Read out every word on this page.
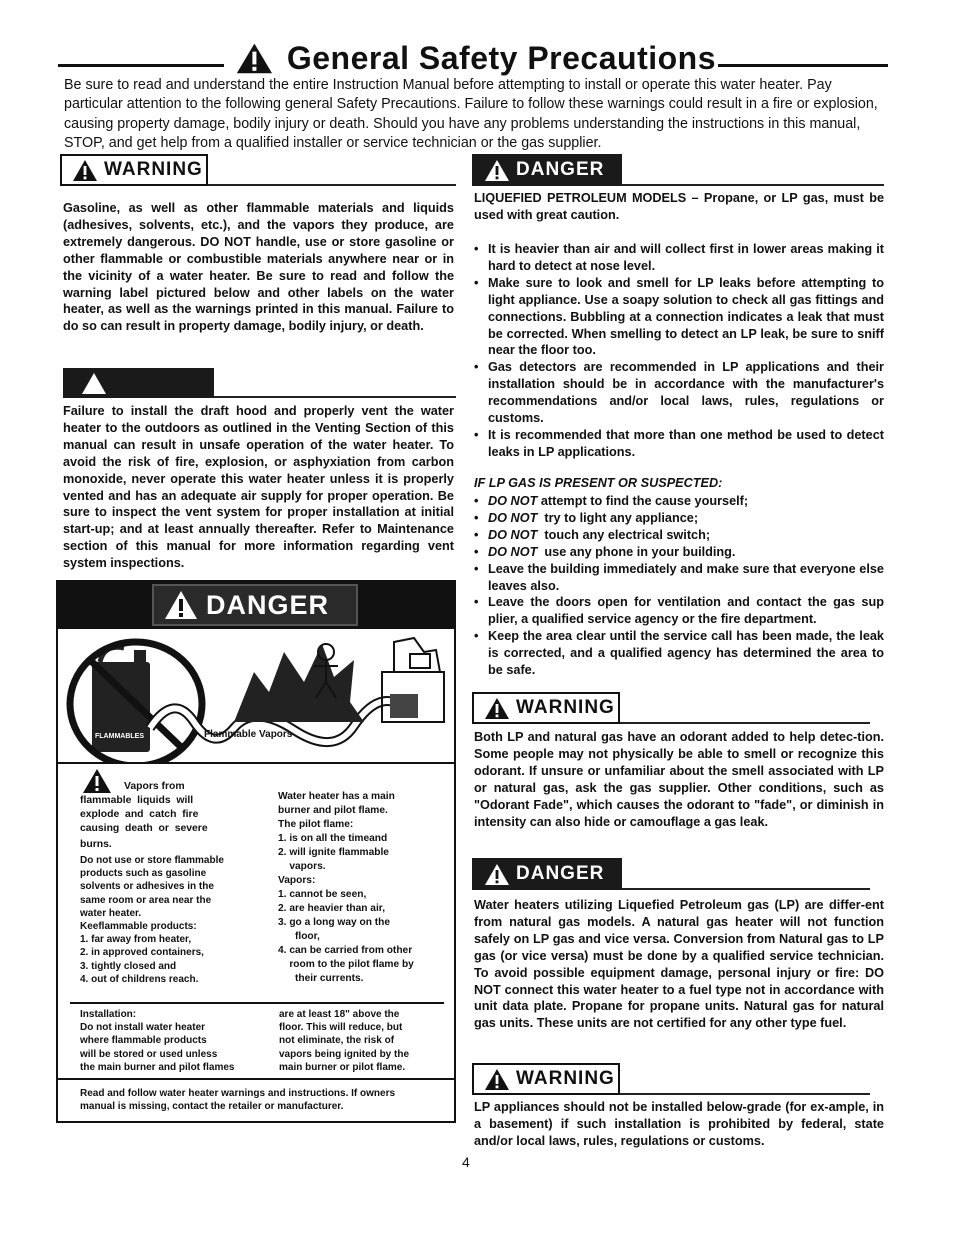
General Safety Precautions

Be sure to read and understand the entire Instruction Manual before attempting to install or operate this water heater. Pay particular attention to the following general Safety Precautions. Failure to follow these warnings could result in a fire or explosion, causing property damage, bodily injury or death. Should you have any problems understanding the instructions in this manual, STOP, and get help from a qualified installer or service technician or the gas supplier.

WARNING

Gasoline, as well as other flammable materials and liquids (adhesives, solvents, etc.), and the vapors they produce, are extremely dangerous. DO NOT handle, use or store gasoline or other flammable or combustible materials anywhere near or in the vicinity of a water heater. Be sure to read and follow the warning label pictured below and other labels on the water heater, as well as the warnings printed in this manual. Failure to do so can result in property damage, bodily injury, or death.

Failure to install the draft hood and properly vent the water heater to the outdoors as outlined in the Venting Section of this manual can result in unsafe operation of the water heater. To avoid the risk of fire, explosion, or asphyxiation from carbon monoxide, never operate this water heater unless it is properly vented and has an adequate air supply for proper operation. Be sure to inspect the vent system for proper installation at initial start-up; and at least annually thereafter. Refer to Maintenance section of this manual for more information regarding vent system inspections.

DANGER
FLAMMABLES	Flammable Vapors
Vapors from
flammable  liquids  will
explode  and  catch  fire
causing  death  or  severe
burns.
Do not use or store flammable
products such as gasoline
solvents or adhesives in the
same room or area near the
water heater.
Keeflammable products:
1. far away from heater,
2. in approved containers,
3. tightly closed and
4. out of childrens reach.
Water heater has a main
burner and pilot flame.
The pilot flame:
1. is on all the timeand
2. will ignite flammable
vapors.
Vapors:
1. cannot be seen,
2. are heavier than air,
3. go a long way on the
floor,
4. can be carried from other
room to the pilot flame by
their currents.
Installation:
Do not install water heater
where flammable products
will be stored or used unless
the main burner and pilot flames
are at least 18" above the
floor. This will reduce, but
not eliminate, the risk of
vapors being ignited by the
main burner or pilot flame.
Read and follow water heater warnings and instructions. If owners
manual is missing, contact the retailer or manufacturer.
DANGER

LIQUEFIED PETROLEUM MODELS – Propane, or LP gas, must be used with great caution.

• It is heavier than air and will collect first in lower areas making it hard to detect at nose level.
• Make sure to look and smell for LP leaks before attempting to light appliance. Use a soapy solution to check all gas fittings and connections. Bubbling at a connection indicates a leak that must be corrected. When smelling to detect an LP leak, be sure to sniff near the floor too.
• Gas detectors are recommended in LP applications and their installation should be in accordance with the manufacturer's recommendations and/or local laws, rules, regulations or customs.
• It is recommended that more than one method be used to detect leaks in LP applications.

IF LP GAS IS PRESENT OR SUSPECTED:

• DO NOT attempt to find the cause yourself;
• DO NOT  try to light any appliance;
• DO NOT  touch any electrical switch;
• DO NOT  use any phone in your building.
• Leave the building immediately and make sure that everyone else leaves also.
• Leave the doors open for ventilation and contact the gas sup plier, a qualified service agency or the fire department.
• Keep the area clear until the service call has been made, the leak is corrected, and a qualified agency has determined the area to be safe.
WARNING

Both LP and natural gas have an odorant added to help detec-tion. Some people may not physically be able to smell or recognize this odorant. If unsure or unfamiliar about the smell associated with LP or natural gas, ask the gas supplier. Other conditions, such as "Odorant Fade", which causes the odorant to "fade", or diminish in intensity can also hide or camouflage a gas leak.

DANGER

Water heaters utilizing Liquefied Petroleum gas (LP) are differ-ent from natural gas models. A natural gas heater will not function safely on LP gas and vice versa. Conversion from Natural gas to LP gas (or vice versa) must be done by a qualified service technician. To avoid possible equipment damage, personal injury or fire: DO NOT connect this water heater to a fuel type not in accordance with unit data plate. Propane for propane units. Natural gas for natural gas units. These units are not certified for any other type fuel.

WARNING

LP appliances should not be installed below-grade (for ex-ample, in a basement) if such installation is prohibited by federal, state and/or local laws, rules, regulations or customs.

4
